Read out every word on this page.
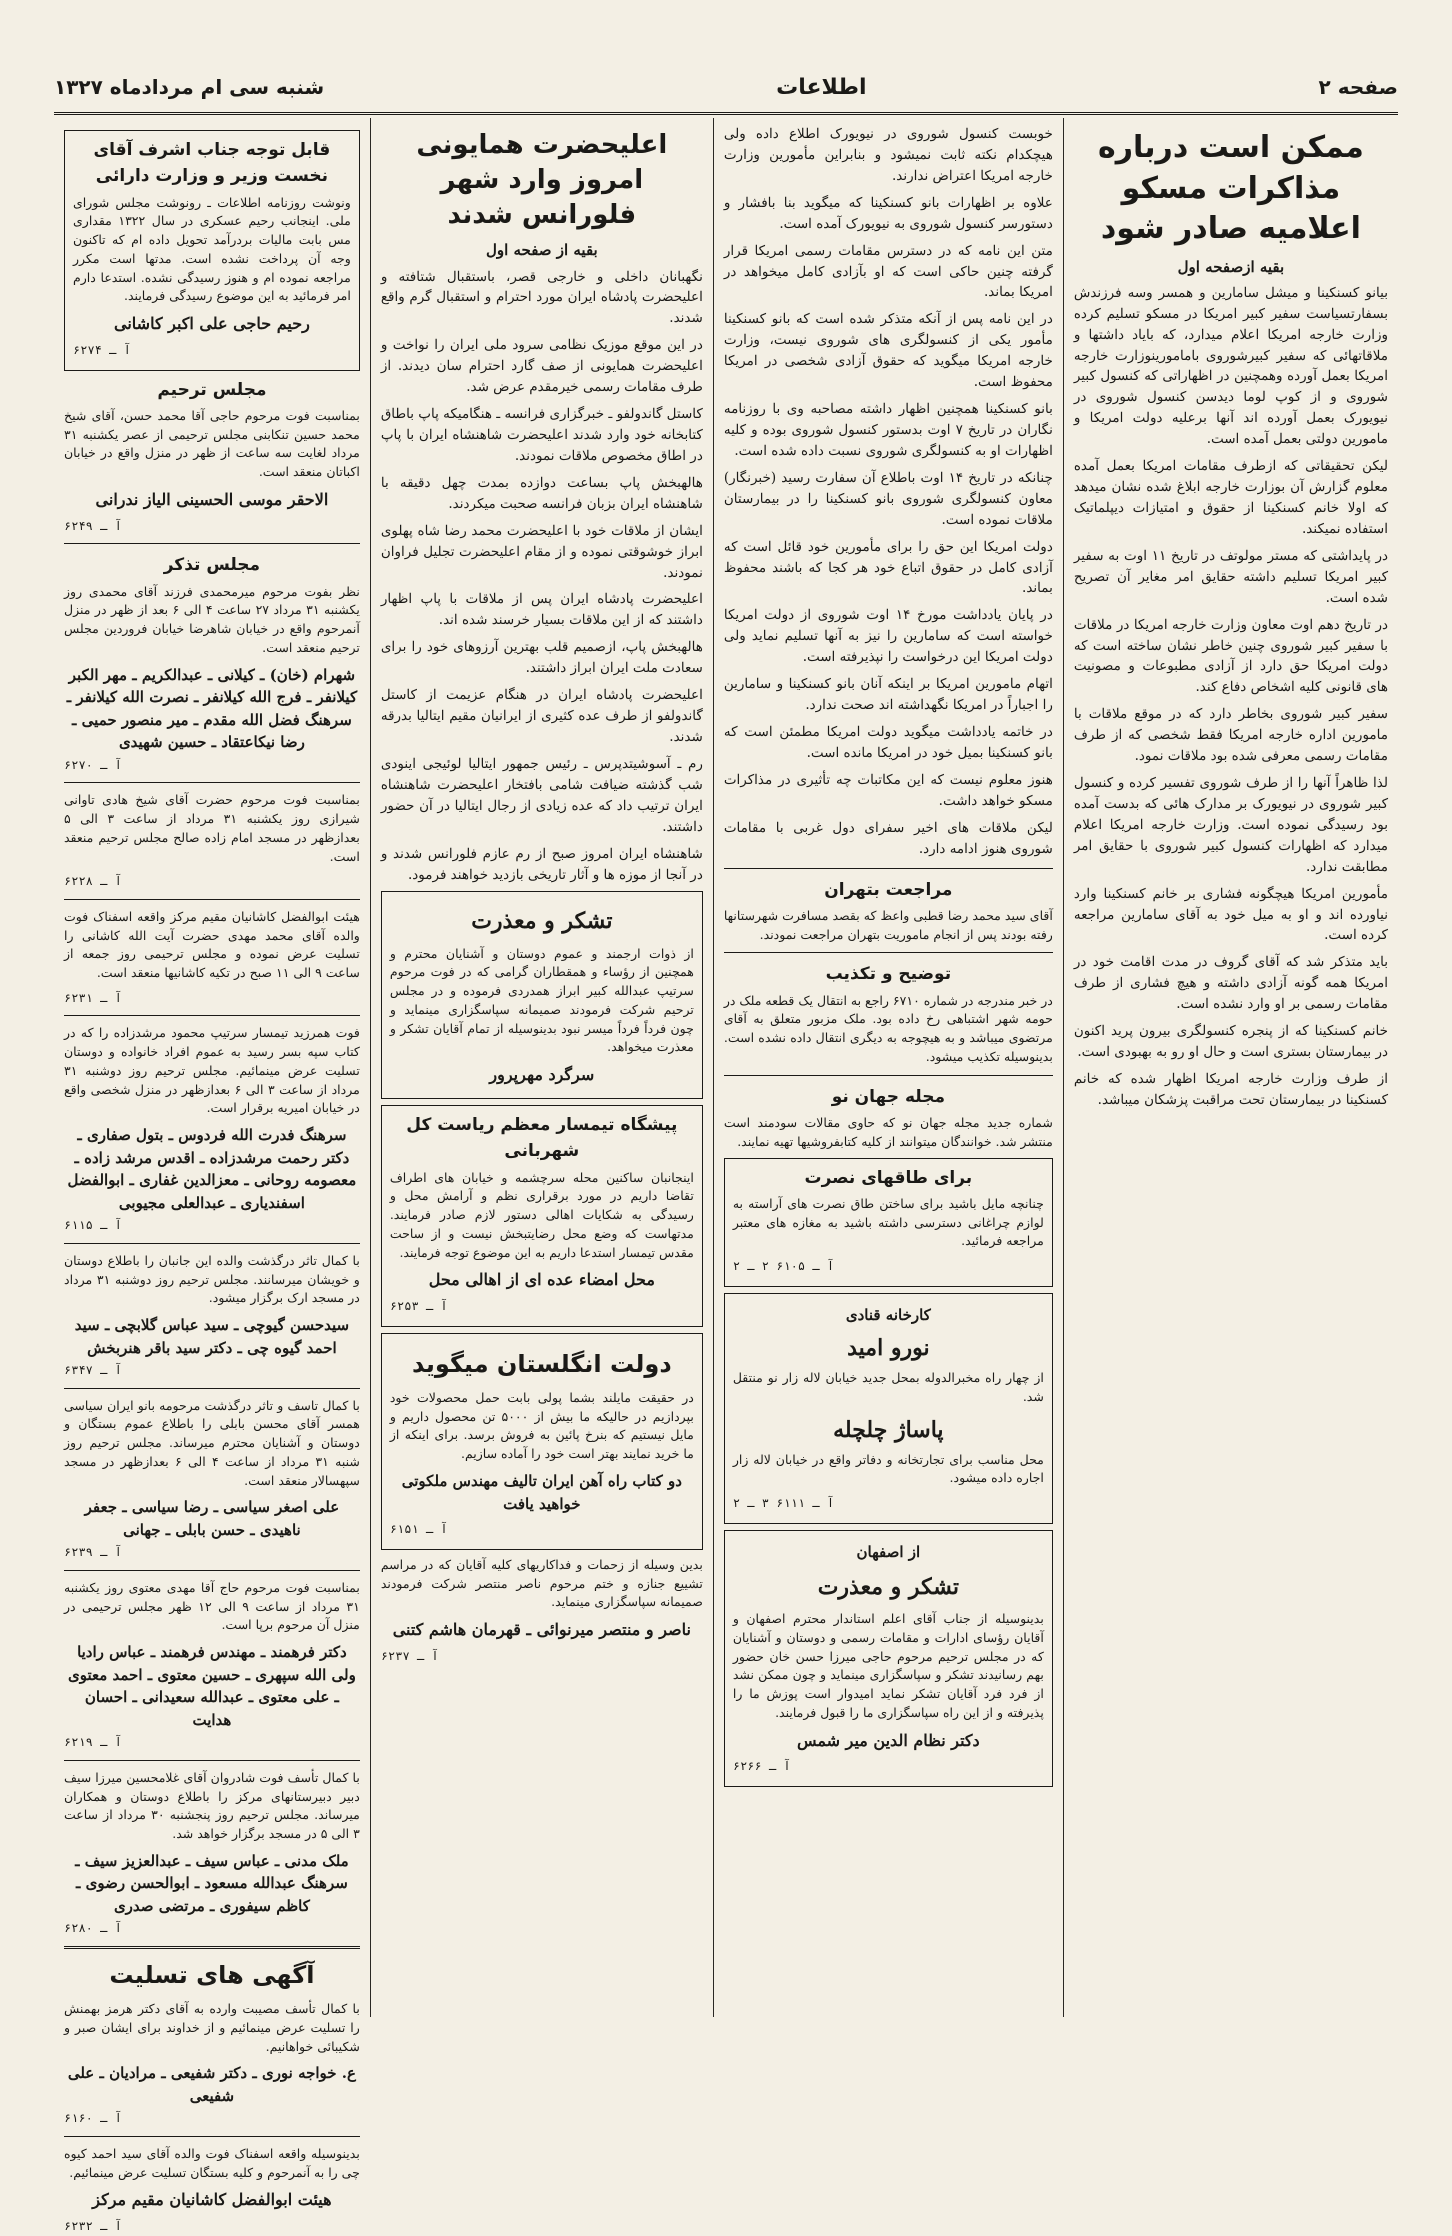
صفحه ۲
اطلاعات
شنبه سی ام مردادماه ۱۳۲۷
ممکن است درباره مذاکرات مسکو اعلامیه صادر شود
بقیه ازصفحه اول

بیانو کسنکینا و میشل سامارین و همسر وسه فرزندش بسفارتسیاست سفیر کبیر امریکا در مسکو تسلیم کرده وزارت خارجه امریکا اعلام میدارد، که بایاد داشتها و ملاقاتهائی که سفیر کبیرشوروی بامامورینوزارت خارجه امریکا بعمل آورده وهمچنین در اظهاراتی که کنسول کبیر شوروی و از کوپ لوما دیدسن کنسول شوروی در نیویورک بعمل آورده اند آنها برعلیه دولت امریکا و مامورین دولتی بعمل آمده است.

لیکن تحقیقاتی که ازطرف مقامات امریکا بعمل آمده معلوم گزارش آن بوزارت خارجه ابلاغ شده نشان میدهد که اولا خانم کسنکینا از حقوق و امتیازات دیپلماتیک استفاده نمیکند.

در پایداشتی که مستر مولوتف در تاریخ ۱۱ اوت به سفیر کبیر امریکا تسلیم داشته حقایق امر مغایر آن تصریح شده است.

در تاریخ دهم اوت معاون وزارت خارجه امریکا در ملاقات با سفیر کبیر شوروی چنین خاطر نشان ساخته است که دولت امریکا حق دارد از آزادی مطبوعات و مصونیت های قانونی کلیه اشخاص دفاع کند.

سفیر کبیر شوروی بخاطر دارد که در موقع ملاقات با مامورین اداره خارجه امریکا فقط شخصی که از طرف مقامات رسمی معرفی شده بود ملاقات نمود.

لذا ظاهراً آنها را از طرف شوروی تفسیر کرده و کنسول کبیر شوروی در نیویورک بر مدارک هائی که بدست آمده بود رسیدگی نموده است. وزارت خارجه امریکا اعلام میدارد که اظهارات کنسول کبیر شوروی با حقایق امر مطابقت ندارد.

مأمورین امریکا هیچگونه فشاری بر خانم کسنکینا وارد نیاورده اند و او به میل خود به آقای سامارین مراجعه کرده است.

باید متذکر شد که آقای گروف در مدت اقامت خود در امریکا همه گونه آزادی داشته و هیچ فشاری از طرف مقامات رسمی بر او وارد نشده است.

خانم کسنکینا که از پنجره کنسولگری بیرون پرید اکنون در بیمارستان بستری است و حال او رو به بهبودی است.

از طرف وزارت خارجه امریکا اظهار شده که خانم کسنکینا در بیمارستان تحت مراقبت پزشکان میباشد.

خوبست کنسول شوروی در نیویورک اطلاع داده ولی هیچکدام نکته ثابت نمیشود و بنابراین مأمورین وزارت خارجه امریکا اعتراض ندارند.

علاوه بر اظهارات بانو کسنکینا که میگوید بنا بافشار و دستورسر کنسول شوروی به نیویورک آمده است.

متن این نامه که در دسترس مقامات رسمی امریکا قرار گرفته چنین حاکی است که او بآزادی کامل میخواهد در امریکا بماند.

در این نامه پس از آنکه متذکر شده است که بانو کسنکینا مأمور یکی از کنسولگری های شوروی نیست، وزارت خارجه امریکا میگوید که حقوق آزادی شخصی در امریکا محفوظ است.

بانو کسنکینا همچنین اظهار داشته مصاحبه وی با روزنامه نگاران در تاریخ ۷ اوت بدستور کنسول شوروی بوده و کلیه اظهارات او به کنسولگری شوروی نسبت داده شده است.

چنانکه در تاریخ ۱۴ اوت باطلاع آن سفارت رسید (خبرنگار) معاون کنسولگری شوروی بانو کسنکینا را در بیمارستان ملاقات نموده است.

دولت امریکا این حق را برای مأمورین خود قائل است که آزادی کامل در حقوق اتباع خود هر کجا که باشند محفوظ بماند.

در پایان یادداشت مورخ ۱۴ اوت شوروی از دولت امریکا خواسته است که سامارین را نیز به آنها تسلیم نماید ولی دولت امریکا این درخواست را نپذیرفته است.

اتهام مامورین امریکا بر اینکه آنان بانو کسنکینا و سامارین را اجباراً در امریکا نگهداشته اند صحت ندارد.

در خاتمه یادداشت میگوید دولت امریکا مطمئن است که بانو کسنکینا بمیل خود در امریکا مانده است.

هنوز معلوم نیست که این مکاتبات چه تأثیری در مذاکرات مسکو خواهد داشت.

لیکن ملاقات های اخیر سفرای دول غربی با مقامات شوروی هنوز ادامه دارد.

مراجعت بتهران

آقای سید محمد رضا قطبی واعظ که بقصد مسافرت شهرستانها رفته بودند پس از انجام ماموریت بتهران مراجعت نمودند.

توضیح و تکذیب

در خبر مندرجه در شماره ۶۷۱۰ راجع به انتقال یک قطعه ملک در حومه شهر اشتباهی رخ داده بود. ملک مزبور متعلق به آقای مرتضوی میباشد و به هیچوجه به دیگری انتقال داده نشده است. بدینوسیله تکذیب میشود.

مجله جهان نو

شماره جدید مجله جهان نو که حاوی مقالات سودمند است منتشر شد. خوانندگان میتوانند از کلیه کتابفروشیها تهیه نمایند.

برای طاقهای نصرت

چنانچه مایل باشید برای ساختن طاق نصرت های آراسته به لوازم چراغانی دسترسی داشته باشید به مغازه های معتبر مراجعه فرمائید.

آ ـ ۶۱۰۵ ۲ ـ ۲
کارخانه قنادی
نورو امید

از چهار راه مخبرالدوله بمحل جدید خیابان لاله زار نو منتقل شد.

پاساژ چلچله

محل مناسب برای تجارتخانه و دفاتر واقع در خیابان لاله زار اجاره داده میشود.

آ ـ ۶۱۱۱ ۳ ـ ۲
از اصفهان
تشکر و معذرت

بدینوسیله از جناب آقای اعلم استاندار محترم اصفهان و آقایان رؤسای ادارات و مقامات رسمی و دوستان و آشنایان که در مجلس ترحیم مرحوم حاجی میرزا حسن خان حضور بهم رسانیدند تشکر و سپاسگزاری مینماید و چون ممکن نشد از فرد فرد آقایان تشکر نماید امیدوار است پوزش ما را پذیرفته و از این راه سپاسگزاری ما را قبول فرمایند.

دکتر نظام الدین میر شمس
آ ـ ۶۲۶۶
اعلیحضرت همایونی امروز وارد شهر فلورانس شدند
بقیه از صفحه اول

نگهبانان داخلی و خارجی قصر، باستقبال شتافته و اعلیحضرت پادشاه ایران مورد احترام و استقبال گرم واقع شدند.

در این موقع موزیک نظامی سرود ملی ایران را نواخت و اعلیحضرت همایونی از صف گارد احترام سان دیدند. از طرف مقامات رسمی خیرمقدم عرض شد.

کاستل گاندولفو ـ خبرگزاری فرانسه ـ هنگامیکه پاپ باطاق کتابخانه خود وارد شدند اعلیحضرت شاهنشاه ایران با پاپ در اطاق مخصوص ملاقات نمودند.

هالهبخش پاپ بساعت دوازده بمدت چهل دقیقه با شاهنشاه ایران بزبان فرانسه صحبت میکردند.

ایشان از ملاقات خود با اعلیحضرت محمد رضا شاه پهلوی ابراز خوشوقتی نموده و از مقام اعلیحضرت تجلیل فراوان نمودند.

اعلیحضرت پادشاه ایران پس از ملاقات با پاپ اظهار داشتند که از این ملاقات بسیار خرسند شده اند.

هالهبخش پاپ، ازصمیم قلب بهترین آرزوهای خود را برای سعادت ملت ایران ابراز داشتند.

اعلیحضرت پادشاه ایران در هنگام عزیمت از کاستل گاندولفو از طرف عده کثیری از ایرانیان مقیم ایتالیا بدرقه شدند.

رم ـ آسوشیتدپرس ـ رئیس جمهور ایتالیا لوئیجی اینودی شب گذشته ضیافت شامی بافتخار اعلیحضرت شاهنشاه ایران ترتیب داد که عده زیادی از رجال ایتالیا در آن حضور داشتند.

شاهنشاه ایران امروز صبح از رم عازم فلورانس شدند و در آنجا از موزه ها و آثار تاریخی بازدید خواهند فرمود.

تشکر و معذرت

از ذوات ارجمند و عموم دوستان و آشنایان محترم و همچنین از رؤساء و همقطاران گرامی که در فوت مرحوم سرتیپ عبدالله کبیر ابراز همدردی فرموده و در مجلس ترحیم شرکت فرمودند صمیمانه سپاسگزاری مینماید و چون فرداً فرداً میسر نبود بدینوسیله از تمام آقایان تشکر و معذرت میخواهد.

سرگرد مهرپرور
پیشگاه تیمسار معظم ریاست کل شهربانی

اینجانبان ساکنین محله سرچشمه و خیابان های اطراف تقاضا داریم در مورد برقراری نظم و آرامش محل و رسیدگی به شکایات اهالی دستور لازم صادر فرمایند. مدتهاست که وضع محل رضایتبخش نیست و از ساحت مقدس تیمسار استدعا داریم به این موضوع توجه فرمایند.

محل امضاء عده ای از اهالی محل
آ ـ ۶۲۵۳
دولت انگلستان میگوید

در حقیقت مایلند بشما پولی بابت حمل محصولات خود بپردازیم در حالیکه ما بیش از ۵۰۰۰ تن محصول داریم و مایل نیستیم که بنرخ پائین به فروش برسد. برای اینکه از ما خرید نمایند بهتر است خود را آماده سازیم.

دو کتاب راه آهن ایران تالیف مهندس ملکوتی خواهید یافت
آ ـ ۶۱۵۱

بدین وسیله از زحمات و فداکاریهای کلیه آقایان که در مراسم تشییع جنازه و ختم مرحوم ناصر منتصر شرکت فرمودند صمیمانه سپاسگزاری مینماید.

ناصر و منتصر میرنوائی ـ قهرمان هاشم کتنی
آ ـ ۶۲۳۷
قابل توجه جناب اشرف آقای نخست وزیر و وزارت دارائی

ونوشت روزنامه اطلاعات ـ رونوشت مجلس شورای ملی. اینجانب رحیم عسکری در سال ۱۳۲۲ مقداری مس بابت مالیات بردرآمد تحویل داده ام که تاکنون وجه آن پرداخت نشده است. مدتها است مکرر مراجعه نموده ام و هنوز رسیدگی نشده. استدعا دارم امر فرمائید به این موضوع رسیدگی فرمایند.

رحیم حاجی علی اکبر کاشانی
آ ـ ۶۲۷۴
مجلس ترحیم

بمناسبت فوت مرحوم حاجی آقا محمد حسن، آقای شیخ محمد حسین تنکابنی مجلس ترحیمی از عصر یکشنبه ۳۱ مرداد لغایت سه ساعت از ظهر در منزل واقع در خیابان اکباتان منعقد است.

الاحقر موسی الحسینی الیاز ندرانی
آ ـ ۶۲۴۹
مجلس تذکر

نظر بفوت مرحوم میرمحمدی فرزند آقای محمدی روز یکشنبه ۳۱ مرداد ۲۷ ساعت ۴ الی ۶ بعد از ظهر در منزل آنمرحوم واقع در خیابان شاهرضا خیابان فروردین مجلس ترحیم منعقد است.

شهرام (خان) ـ کیلانی ـ عبدالکریم ـ مهر الکبر کیلانفر ـ فرج الله کیلانفر ـ نصرت الله کیلانفر ـ سرهنگ فضل الله مقدم ـ میر منصور حمیی ـ رضا نیکاعتقاد ـ حسین شهیدی
آ ـ ۶۲۷۰

بمناسبت فوت مرحوم حضرت آقای شیخ هادی تاوانی شیرازی روز یکشنبه ۳۱ مرداد از ساعت ۳ الی ۵ بعدازظهر در مسجد امام زاده صالح مجلس ترحیم منعقد است.

آ ـ ۶۲۲۸

هیئت ابوالفضل کاشانیان مقیم مرکز واقعه اسفناک فوت والده آقای محمد مهدی حضرت آیت الله کاشانی را تسلیت عرض نموده و مجلس ترحیمی روز جمعه از ساعت ۹ الی ۱۱ صبح در تکیه کاشانیها منعقد است.

آ ـ ۶۲۳۱

فوت همرزید تیمسار سرتیپ محمود مرشدزاده را که در کتاب سپه بسر رسید به عموم افراد خانواده و دوستان تسلیت عرض مینمائیم. مجلس ترحیم روز دوشنبه ۳۱ مرداد از ساعت ۳ الی ۶ بعدازظهر در منزل شخصی واقع در خیابان امیریه برقرار است.

سرهنگ فدرت الله فردوس ـ بتول صفاری ـ دکتر رحمت مرشدزاده ـ اقدس مرشد زاده ـ معصومه روحانی ـ معزالدین غفاری ـ ابوالفضل اسفندیاری ـ عبدالعلی مجیوبی
آ ـ ۶۱۱۵

با کمال تاثر درگذشت والده این جانبان را باطلاع دوستان و خویشان میرسانند. مجلس ترحیم روز دوشنبه ۳۱ مرداد در مسجد ارک برگزار میشود.

سیدحسن گیوچی ـ سید عباس گلابچی ـ سید احمد گیوه چی ـ دکتر سید باقر هنربخش
آ ـ ۶۳۴۷

با کمال تاسف و تاثر درگذشت مرحومه بانو ایران سیاسی همسر آقای محسن بابلی را باطلاع عموم بستگان و دوستان و آشنایان محترم میرساند. مجلس ترحیم روز شنبه ۳۱ مرداد از ساعت ۴ الی ۶ بعدازظهر در مسجد سپهسالار منعقد است.

علی اصغر سیاسی ـ رضا سیاسی ـ جعفر ناهیدی ـ حسن بابلی ـ جهانی
آ ـ ۶۲۳۹

بمناسبت فوت مرحوم حاج آقا مهدی معتوی روز یکشنبه ۳۱ مرداد از ساعت ۹ الی ۱۲ ظهر مجلس ترحیمی در منزل آن مرحوم برپا است.

دکتر فرهمند ـ مهندس فرهمند ـ عباس رادیا ولی الله سپهری ـ حسین معتوی ـ احمد معتوی ـ علی معتوی ـ عبدالله سعیدانی ـ احسان هدایت
آ ـ ۶۲۱۹

با کمال تأسف فوت شادروان آقای غلامحسین میرزا سیف دبیر دبیرستانهای مرکز را باطلاع دوستان و همکاران میرساند. مجلس ترحیم روز پنجشنبه ۳۰ مرداد از ساعت ۳ الی ۵ در مسجد برگزار خواهد شد.

ملک مدنی ـ عباس سیف ـ عبدالعزیز سیف ـ سرهنگ عبدالله مسعود ـ ابوالحسن رضوی ـ کاظم سیفوری ـ مرتضی صدری
آ ـ ۶۲۸۰
آگهی های تسلیت

با کمال تأسف مصیبت وارده به آقای دکتر هرمز بهمنش را تسلیت عرض مینمائیم و از خداوند برای ایشان صبر و شکیبائی خواهانیم.

ع. خواجه نوری ـ دکتر شفیعی ـ مرادیان ـ علی شفیعی
آ ـ ۶۱۶۰

بدینوسیله واقعه اسفناک فوت والده آقای سید احمد کیوه چی را به آنمرحوم و کلیه بستگان تسلیت عرض مینمائیم.

هیئت ابوالفضل کاشانیان مقیم مرکز
آ ـ ۶۲۳۲
